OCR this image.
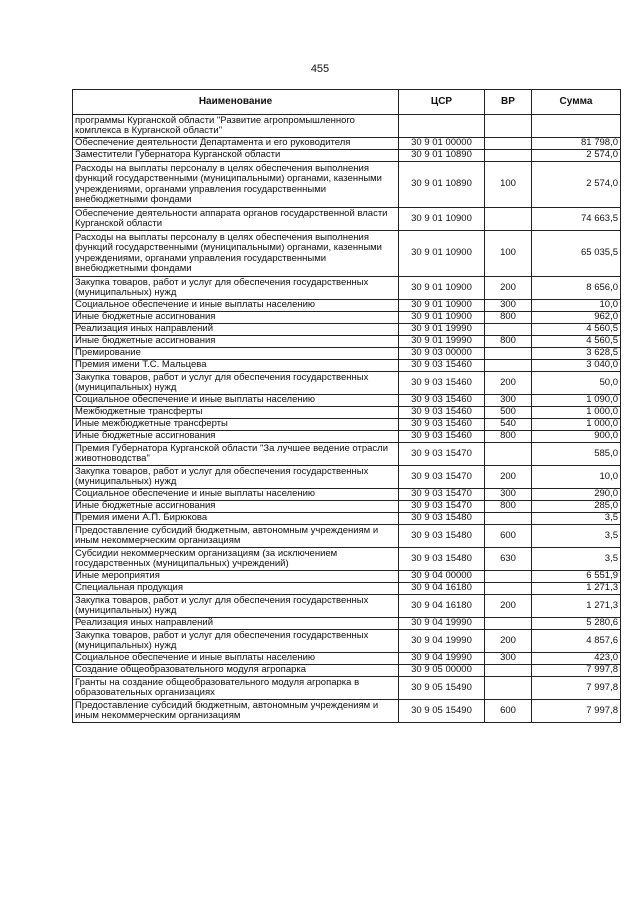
455
Наименование	ЦСР	ВР	Сумма
программы Курганской области "Развитие агропромышленного комплекса в Курганской области"			
Обеспечение деятельности Департамента и его руководителя	30 9 01 00000		81 798,0
Заместители Губернатора Курганской области	30 9 01 10890		2 574,0
Расходы на выплаты персоналу в целях обеспечения выполнения функций государственными (муниципальными) органами, казенными учреждениями, органами управления государственными внебюджетными фондами	30 9 01 10890	100	2 574,0
Обеспечение деятельности аппарата органов государственной власти Курганской области	30 9 01 10900		74 663,5
Расходы на выплаты персоналу в целях обеспечения выполнения функций государственными (муниципальными) органами, казенными учреждениями, органами управления государственными внебюджетными фондами	30 9 01 10900	100	65 035,5
Закупка товаров, работ и услуг для обеспечения государственных (муниципальных) нужд	30 9 01 10900	200	8 656,0
Социальное обеспечение и иные выплаты населению	30 9 01 10900	300	10,0
Иные бюджетные ассигнования	30 9 01 10900	800	962,0
Реализация иных направлений	30 9 01 19990		4 560,5
Иные бюджетные ассигнования	30 9 01 19990	800	4 560,5
Премирование	30 9 03 00000		3 628,5
Премия имени Т.С. Мальцева	30 9 03 15460		3 040,0
Закупка товаров, работ и услуг для обеспечения государственных (муниципальных) нужд	30 9 03 15460	200	50,0
Социальное обеспечение и иные выплаты населению	30 9 03 15460	300	1 090,0
Межбюджетные трансферты	30 9 03 15460	500	1 000,0
Иные межбюджетные трансферты	30 9 03 15460	540	1 000,0
Иные бюджетные ассигнования	30 9 03 15460	800	900,0
Премия Губернатора Курганской области "За лучшее ведение отрасли животноводства"	30 9 03 15470		585,0
Закупка товаров, работ и услуг для обеспечения государственных (муниципальных) нужд	30 9 03 15470	200	10,0
Социальное обеспечение и иные выплаты населению	30 9 03 15470	300	290,0
Иные бюджетные ассигнования	30 9 03 15470	800	285,0
Премия имени А.П. Бирюкова	30 9 03 15480		3,5
Предоставление субсидий бюджетным, автономным учреждениям и иным некоммерческим организациям	30 9 03 15480	600	3,5
Субсидии некоммерческим организациям (за исключением государственных (муниципальных) учреждений)	30 9 03 15480	630	3,5
Иные мероприятия	30 9 04 00000		6 551,9
Специальная продукция	30 9 04 16180		1 271,3
Закупка товаров, работ и услуг для обеспечения государственных (муниципальных) нужд	30 9 04 16180	200	1 271,3
Реализация иных направлений	30 9 04 19990		5 280,6
Закупка товаров, работ и услуг для обеспечения государственных (муниципальных) нужд	30 9 04 19990	200	4 857,6
Социальное обеспечение и иные выплаты населению	30 9 04 19990	300	423,0
Создание общеобразовательного модуля агропарка	30 9 05 00000		7 997,8
Гранты на создание общеобразовательного модуля агропарка в образовательных организациях	30 9 05 15490		7 997,8
Предоставление субсидий бюджетным, автономным учреждениям и иным некоммерческим организациям	30 9 05 15490	600	7 997,8
